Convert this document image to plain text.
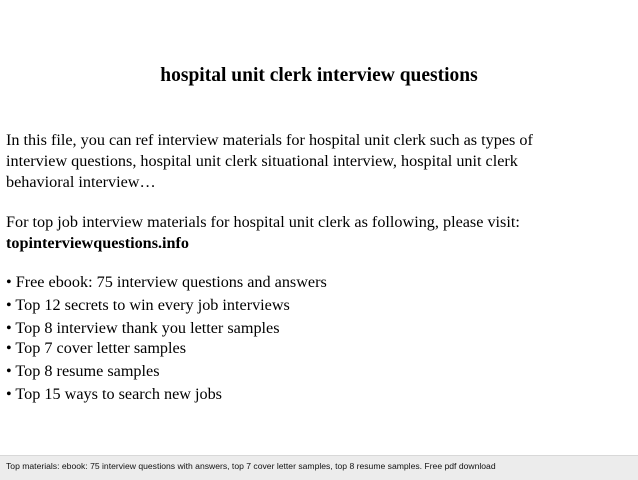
hospital unit clerk interview questions
In this file, you can ref interview materials for hospital unit clerk such as types of
interview questions, hospital unit clerk situational interview, hospital unit clerk
behavioral interview…
For top job interview materials for hospital unit clerk as following, please visit:
topinterviewquestions.info
• Free ebook: 75 interview questions and answers
• Top 12 secrets to win every job interviews
• Top 8 interview thank you letter samples
• Top 7 cover letter samples
• Top 8 resume samples
• Top 15 ways to search new jobs
Top materials: ebook: 75 interview questions with answers, top 7 cover letter samples, top 8 resume samples. Free pdf download
